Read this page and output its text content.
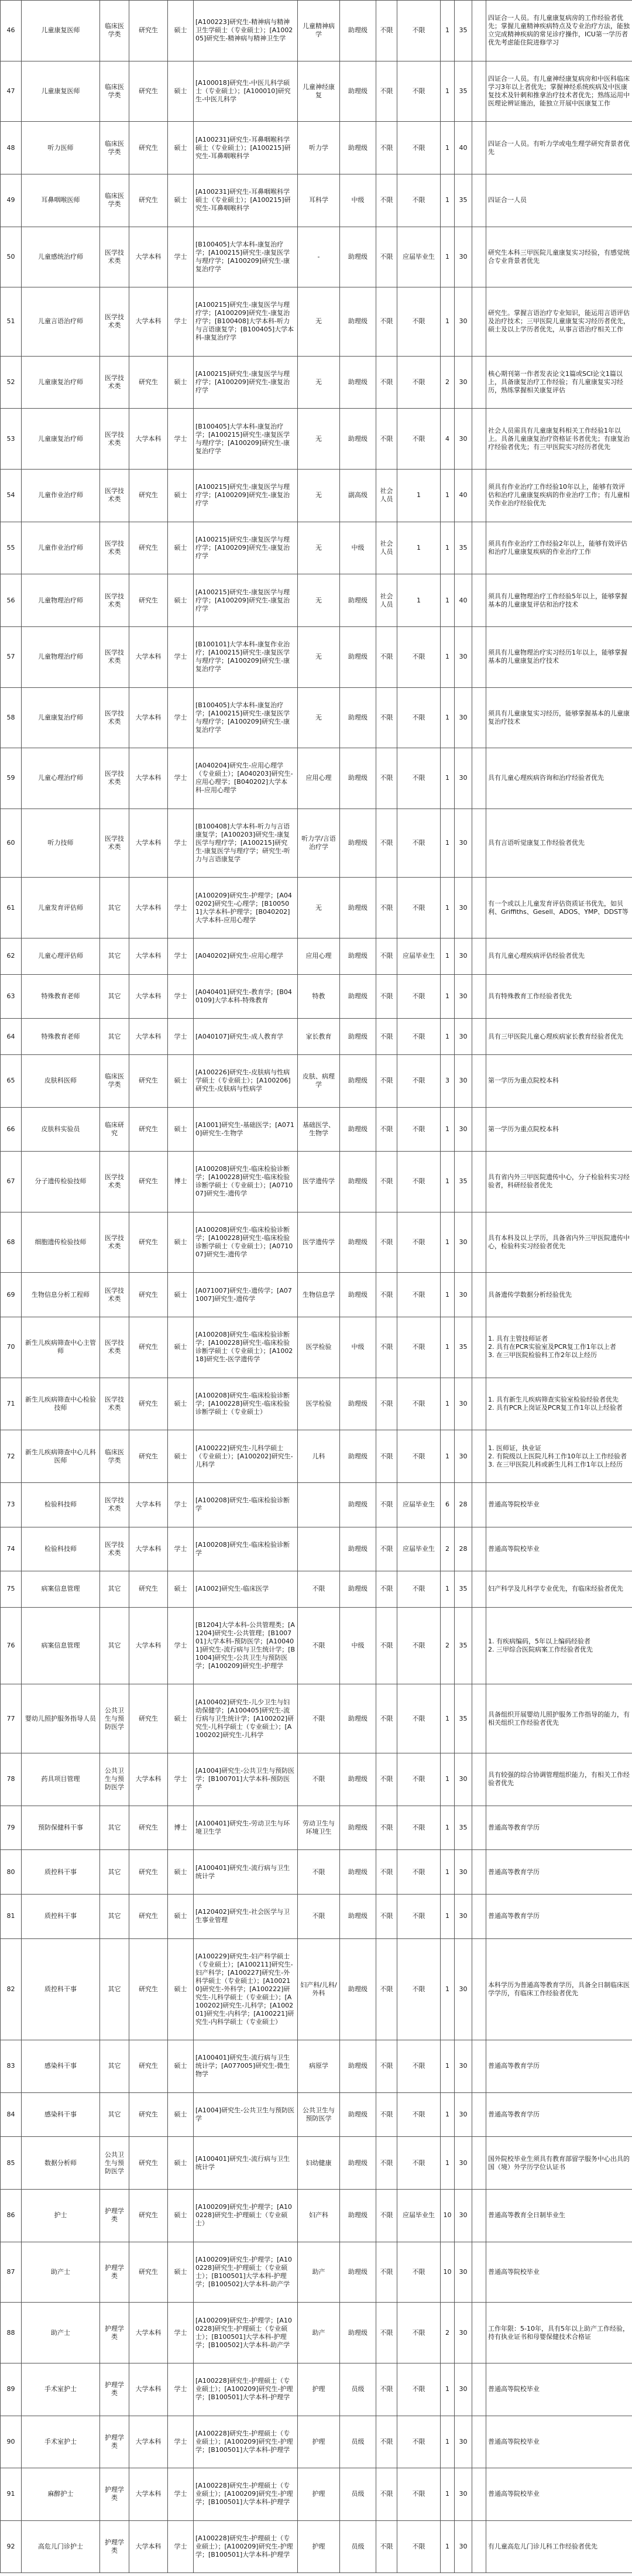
46	儿童康复医师	临床医学类	研究生	硕士	[A100223]研究生-精神病与精神卫生学硕士（专业硕士）；[A100205]研究生-精神病与精神卫生学	儿童精神病学	助理级	不限	不限	1	35		四证合一人员。有儿童康复病房的工作经验者优先；掌握儿童精神疾病特点及专业治疗方法，能独立完成精神疾病的常见诊疗操作，ICU第一学历者优先考虑能住院进修学习
47	儿童康复医师	临床医学类	研究生	硕士	[A100018]研究生-中医儿科学硕士（专业硕士）；[A100010]研究生-中医儿科学	儿童神经康复	助理级	不限	不限	1	35		四证合一人员。有儿童神经康复病房和中医科临床学习3年以上者优先；掌握神经系统疾病及中医康复技术及针刺和推拿治疗技术者优先；熟练运用中医理论辨证施治，能独立开展中医康复工作
48	听力医师	临床医学类	研究生	硕士	[A100231]研究生-耳鼻咽喉科学硕士（专业硕士）；[A100215]研究生-耳鼻咽喉科学	听力学	助理级	不限	不限	1	40		四证合一人员。有听力学或电生理学研究背景者优先
49	耳鼻咽喉医师	临床医学类	研究生	硕士	[A100231]研究生-耳鼻咽喉科学硕士（专业硕士）；[A100215]研究生-耳鼻咽喉科学	耳科学	中级	不限	不限	1	35		四证合一人员
50	儿童感统治疗师	医学技术类	大学本科	学士	[B100405]大学本科-康复治疗学；[A100215]研究生-康复医学与理疗学；[A100209]研究生-康复治疗学	-	助理级	不限	应届毕业生	1	30		研究生本科三甲医院儿童康复实习经验，有感觉统合专业背景者优先
51	儿童言语治疗师	医学技术类	大学本科	学士	[A100215]研究生-康复医学与理疗学；[A100209]研究生-康复治疗学；[B100408]大学本科-听力与言语康复学；[B100405]大学本科-康复治疗学	无	助理级	不限	不限	1	30		研究生。掌握言语治疗专业知识，能运用言语评估及治疗技术；三甲医院儿童康复实习经历者优先，硕士及以上学历者优先，从事言语治疗相关工作
52	儿童康复治疗师	医学技术类	研究生	硕士	[A100215]研究生-康复医学与理疗学；[A100209]研究生-康复治疗学	无	助理级	不限	不限	2	30		核心期刊第一作者发表论文1篇或SCI论文1篇以上，具备康复治疗工作经验；有儿童康复实习经历，熟练掌握相关康复评估
53	儿童康复治疗师	医学技术类	大学本科	学士	[B100405]大学本科-康复治疗学；[A100215]研究生-康复医学与理疗学；[A100209]研究生-康复治疗学	无	助理级	不限	不限	4	30		社会人员需具有儿童康复科相关工作经验1年以上。具备儿童康复治疗资格证书者优先；有康复治疗经验者优先；有三甲医院实习经历者优先
54	儿童作业治疗师	医学技术类	研究生	硕士	[A100215]研究生-康复医学与理疗学；[A100209]研究生-康复治疗学	无	副高级	社会人员	1	1	40		须具有作业治疗工作经验10年以上，能够有效评估和治疗儿童康复疾病的作业治疗工作；有儿童相关作业治疗经验优先
55	儿童作业治疗师	医学技术类	研究生	硕士	[A100215]研究生-康复医学与理疗学；[A100209]研究生-康复治疗学	无	中级	社会人员	1	1	35		须具有作业治疗工作经验2年以上，能够有效评估和治疗儿童康复疾病的作业治疗工作
56	儿童物理治疗师	医学技术类	研究生	硕士	[A100215]研究生-康复医学与理疗学；[A100209]研究生-康复治疗学	无	助理级	社会人员	1	1	40		须具有儿童物理治疗工作经验5年以上，能够掌握基本的儿童康复评估和治疗技术
57	儿童物理治疗师	医学技术类	大学本科	学士	[B100101]大学本科-康复作业治疗；[A100215]研究生-康复医学与理疗学；[A100209]研究生-康复治疗学	无	助理级	不限	不限	1	30		须具有儿童物理治疗实习经历1年以上，能够掌握基本的儿童康复治疗技术
58	儿童康复治疗师	医学技术类	大学本科	学士	[B100405]大学本科-康复治疗学；[A100215]研究生-康复医学与理疗学；[A100209]研究生-康复治疗学	无	助理级	不限	不限	1	30		须具有儿童康复实习经历，能够掌握基本的儿童康复治疗技术
59	儿童心理治疗师	医学技术类	大学本科	学士	[A040204]研究生-应用心理学（专业硕士）；[A040203]研究生-应用心理学；[B040202]大学本科-应用心理学	应用心理	助理级	不限	不限	1	30		具有儿童心理疾病咨询和治疗经验者优先
60	听力技师	医学技术类	大学本科	学士	[B100408]大学本科-听力与言语康复学；[A100203]研究生-康复医学与理疗学；[A100215]研究生-康复医学与理疗学；研究生-听力与言语康复学	听力学/言语治疗学	助理级	不限	不限	1	30		具有言语听觉康复工作经验者优先
61	儿童发育评估师	其它	大学本科	学士	[A100209]研究生-护理学；[A040202]研究生-心理学；[B100501]大学本科-护理学；[B040202]大学本科-应用心理学	无	助理级	不限	不限	1	30		有一个或以上儿童发育评估资质证书优先，如贝利、Griffiths、Gesell、ADOS、YMP、DDST等
62	儿童心理评估师	其它	大学本科	学士	[A040202]研究生-应用心理学	应用心理	助理级	不限	应届毕业生	1	30		具有儿童心理疾病评估经验者优先
63	特殊教育老师	其它	大学本科	学士	[A040401]研究生-教育学；[B040109]大学本科-特殊教育	特教	助理级	不限	不限	1	30		具有特殊教育工作经验者优先
64	特殊教育老师	其它	大学本科	学士	[A040107]研究生-成人教育学	家长教育	助理级	不限	不限	1	30		具有三甲医院儿童心理疾病家长教育经验者优先
65	皮肤科医师	临床医学类	研究生	硕士	[A100226]研究生-皮肤病与性病学硕士（专业硕士）；[A100206]研究生-皮肤病与性病学	皮肤、病理学	助理级	不限	不限	3	30		第一学历为重点院校本科
66	皮肤科实验员	临床研究	研究生	硕士	[A1001]研究生-基础医学；[A0710]研究生-生物学	基础医学、生物学	助理级	不限	不限	1	30		第一学历为重点院校本科
67	分子遗传检验技师	医学技术类	研究生	博士	[A100208]研究生-临床检验诊断学；[A100228]研究生-临床检验诊断学硕士（专业硕士）；[A071007]研究生-遗传学	医学遗传学	助理级	不限	不限	1	35		具有省内外三甲医院遗传中心，分子检验科实习经验者，科研经验者优先
68	细胞遗传检验技师	医学技术类	研究生	硕士	[A100208]研究生-临床检验诊断学；[A100228]研究生-临床检验诊断学硕士（专业硕士）；[A071007]研究生-遗传学	医学遗传学	助理级	不限	不限	1	30		具有本科及以上学历，具备省内外三甲医院遗传中心，检验科实习经验者优先
69	生物信息分析工程师	医学技术类	研究生	硕士	[A071007]研究生-遗传学；[A071007]研究生-遗传学	生物信息学	助理级	不限	不限	1	30		具备遗传学数据分析经验优先
70	新生儿疾病筛查中心主管师	医学技术类	研究生	硕士	[A100208]研究生-临床检验诊断学；[A100228]研究生-临床检验诊断学硕士（专业硕士）；[A100218]研究生-医学遗传学	医学检验	中级	不限	不限	1	35		1. 具有主管技师证者
2. 具有在PCR实验室及PCR复工作1年以上者
3. 在三甲医院检验科工作2年以上经历
71	新生儿疾病筛查中心检验技师	医学技术类	研究生	硕士	[A100208]研究生-临床检验诊断学；[A100228]研究生-临床检验诊断学硕士（专业硕士）	医学检验	助理级	不限	不限	1	30		1. 具有新生儿疾病筛查实验室检验经验者优先
2. 具有PCR上岗证及PCR复工作1年以上经验者
72	新生儿疾病筛查中心儿科医师	临床医学类	研究生	硕士	[A100222]研究生-儿科学硕士（专业硕士）；[A100202]研究生-儿科学	儿科	助理级	不限	不限	1	30		1. 医师证，执业证
2. 有院级以上医院儿科工作10年以上工作经验者
3. 在三甲医院儿科或新生儿科工作1年以上经历
73	检验科技师	医学技术类	大学本科	学士	[A100208]研究生-临床检验诊断学		助理级	不限	应届毕业生	6	28		普通高等院校毕业
74	检验科技师	医学技术类	大学本科	学士	[A100208]研究生-临床检验诊断学		助理级	不限	应届毕业生	2	28		普通高等院校毕业
75	病案信息管理	其它	研究生	硕士	[A1002]研究生-临床医学	不限	助理级	不限	不限	1	35		妇产科学及儿科学专业优先，有临床经验者优先
76	病案信息管理	其它	大学本科	学士	[B1204]大学本科-公共管理类；[A1204]研究生-公共管理；[B100701]大学本科-预防医学；[A100401]研究生-流行病与卫生统计学；[B1004]研究生-公共卫生与预防医学；[A100209]研究生-护理学	不限	中级	不限	不限	2	35		1. 有疾病编码，5年以上编码经验者
2. 三甲综合医院病案工作经验者优先
77	婴幼儿照护服务指导人员	公共卫生与预防医学	研究生	硕士	[A100402]研究生-儿少卫生与妇幼保健学；[A100405]研究生-流行病与卫生统计学；[A100202]研究生-儿科学硕士（专业硕士）；[A100202]研究生-儿科学	不限	助理级	不限	不限	1	35		具备组织开展婴幼儿照护服务工作指导的能力，有相关组织工作经验者优先
78	药具项目管理	公共卫生与预防医学	大学本科	学士	[A1004]研究生-公共卫生与预防医学；[B100701]大学本科-预防医学	不限	助理级	不限	不限	1	30		具有较强的综合协调管理组织能力，有相关工作经验者优先
79	预防保健科干事	其它	研究生	博士	[A100401]研究生-劳动卫生与环境卫生学	劳动卫生与环境卫生	助理级	不限	不限	1	35		普通高等教育学历
80	质控科干事	其它	研究生	硕士	[A100401]研究生-流行病与卫生统计学	不限	助理级	不限	不限	1	30		普通高等教育学历
81	质控科干事	其它	研究生	硕士	[A120402]研究生-社会医学与卫生事业管理	不限	助理级	不限	不限	1	30		普通高等教育学历
82	质控科干事	其它	研究生	硕士	[A100229]研究生-妇产科学硕士（专业硕士）；[A100211]研究生-妇产科学；[A100227]研究生-外科学硕士（专业硕士）；[A100210]研究生-外科学；[A100222]研究生-儿科学硕士（专业硕士）；[A100202]研究生-儿科学；[A100201]研究生-内科学；[A100221]研究生-内科学硕士（专业硕士）	妇产科/儿科/外科	助理级	不限	不限	1	30		本科学历为普通高等教育学历，具备全日制临床医学学历，有临床工作经验者优先
83	感染科干事	其它	研究生	硕士	[A100401]研究生-流行病与卫生统计学；[A077005]研究生-微生物学	病原学	助理级	不限	不限	1	30		普通高等教育学历
84	感染科干事	其它	研究生	硕士	[A1004]研究生-公共卫生与预防医学	公共卫生与预防医学	助理级	不限	不限	1	30		普通高等教育学历
85	数据分析师	公共卫生与预防医学	研究生	硕士	[A100401]研究生-流行病与卫生统计学	妇幼健康	助理级	不限	不限	1	30		国外院校毕业生须具有教育部留学服务中心出具的国（境）外学历学位认证书
86	护士	护理学类	研究生	硕士	[A100209]研究生-护理学；[A100228]研究生-护理硕士（专业硕士）	妇产科	助理级	不限	应届毕业生	10	30		普通高等教育全日制毕业生
87	助产士	护理学类	研究生	硕士	[A100209]研究生-护理学；[A100228]研究生-护理硕士（专业硕士）；[B100501]大学本科-护理学；[B100502]大学本科-助产学	助产	助理级	不限	不限	10	30		普通高等院校毕业
88	助产士	护理学类	大学本科	学士	[A100209]研究生-护理学；[A100228]研究生-护理硕士（专业硕士）；[B100501]大学本科-护理学；[B100502]大学本科-助产学	助产	助理级	不限	不限	2	30		工作年限：5-10年，具有5年以上助产工作经验，持有执业证书和母婴保健技术合格证
89	手术室护士	护理学类	大学本科	学士	[A100228]研究生-护理硕士（专业硕士）；[A100209]研究生-护理学；[B100501]大学本科-护理学	护理	员级	不限	不限	1	30		普通高等院校毕业
90	手术室护士	护理学类	大学本科	学士	[A100228]研究生-护理硕士（专业硕士）；[A100209]研究生-护理学；[B100501]大学本科-护理学	护理	员级	不限	不限	1	30		普通高等院校毕业
91	麻醉护士	护理学类	大学本科	学士	[A100228]研究生-护理硕士（专业硕士）；[A100209]研究生-护理学；[B100501]大学本科-护理学	护理	员级	不限	不限	1	30		普通高等院校毕业
92	高危儿门诊护士	护理学类	大学本科	学士	[A100228]研究生-护理硕士（专业硕士）；[A100209]研究生-护理学；[B100501]大学本科-护理学	护理	员级	不限	不限	1	30		有儿童高危儿门诊儿科工作经验者优先
